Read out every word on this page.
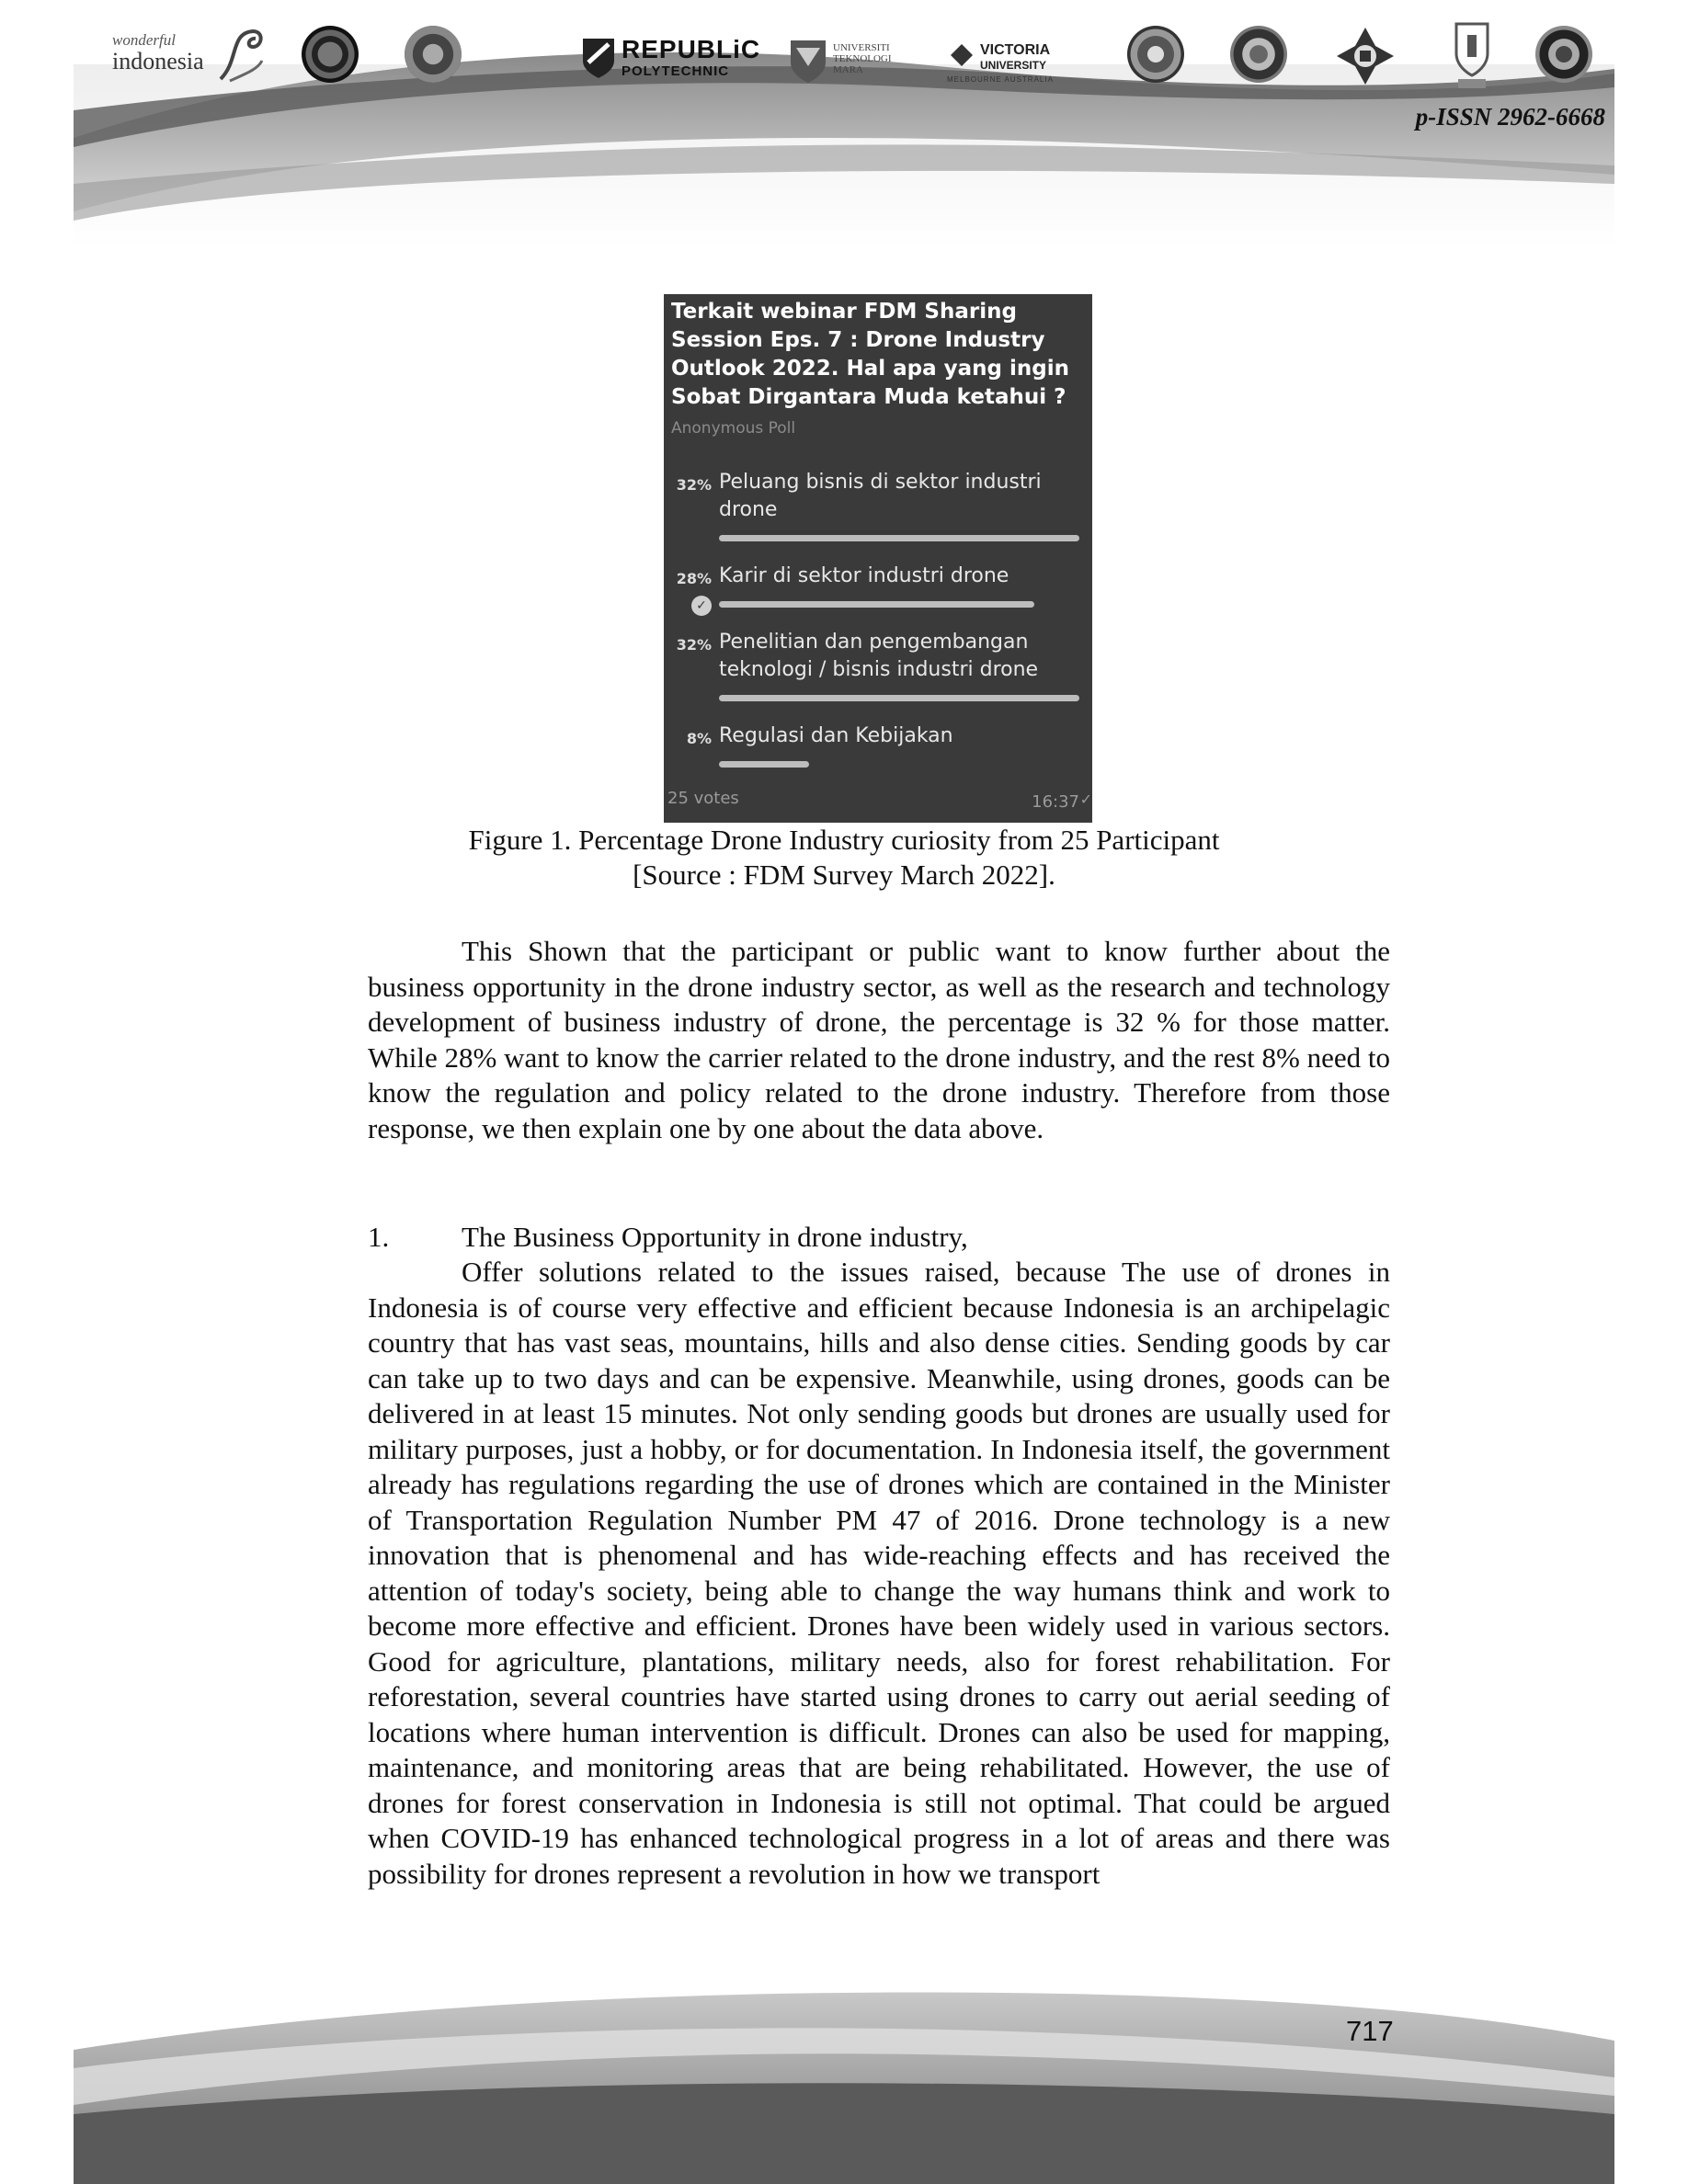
wonderful
indonesia	REPUBLiC
POLYTECHNIC
UNIVERSITI
TEKNOLOGI
MARA
VICTORIA
UNIVERSITY
MELBOURNE AUSTRALIA
p-ISSN 2962-6668
Terkait webinar FDM Sharing Session Eps. 7 : Drone Industry Outlook 2022. Hal apa yang ingin Sobat Dirgantara Muda ketahui ?
Anonymous Poll
32% Peluang bisnis di sektor industri drone
28% Karir di sektor industri drone
✓
32% Penelitian dan pengembangan teknologi / bisnis industri drone
8% Regulasi dan Kebijakan
25 votes	16:37 ✓
Figure 1. Percentage Drone Industry curiosity from 25 Participant
[Source : FDM Survey March 2022].
This Shown that the participant or public want to know further about the business opportunity in the drone industry sector, as well as the research and technology development of business industry of drone, the percentage is 32 % for those matter. While 28% want to know the carrier related to the drone industry, and the rest 8% need to know the regulation and policy related to the drone industry. Therefore from those response, we then explain one by one about the data above.
1.	The Business Opportunity in drone industry,
Offer solutions related to the issues raised, because The use of drones in Indonesia is of course very effective and efficient because Indonesia is an archipelagic country that has vast seas, mountains, hills and also dense cities. Sending goods by car can take up to two days and can be expensive. Meanwhile, using drones, goods can be delivered in at least 15 minutes. Not only sending goods but drones are usually used for military purposes, just a hobby, or for documentation. In Indonesia itself, the government already has regulations regarding the use of drones which are contained in the Minister of Transportation Regulation Number PM 47 of 2016. Drone technology is a new innovation that is phenomenal and has wide-reaching effects and has received the attention of today's society, being able to change the way humans think and work to become more effective and efficient. Drones have been widely used in various sectors. Good for agriculture, plantations, military needs, also for forest rehabilitation. For reforestation, several countries have started using drones to carry out aerial seeding of locations where human intervention is difficult. Drones can also be used for mapping, maintenance, and monitoring areas that are being rehabilitated. However, the use of drones for forest conservation in Indonesia is still not optimal. That could be argued when COVID-19 has enhanced technological progress in a lot of areas and there was possibility for drones represent a revolution in how we transport
717
